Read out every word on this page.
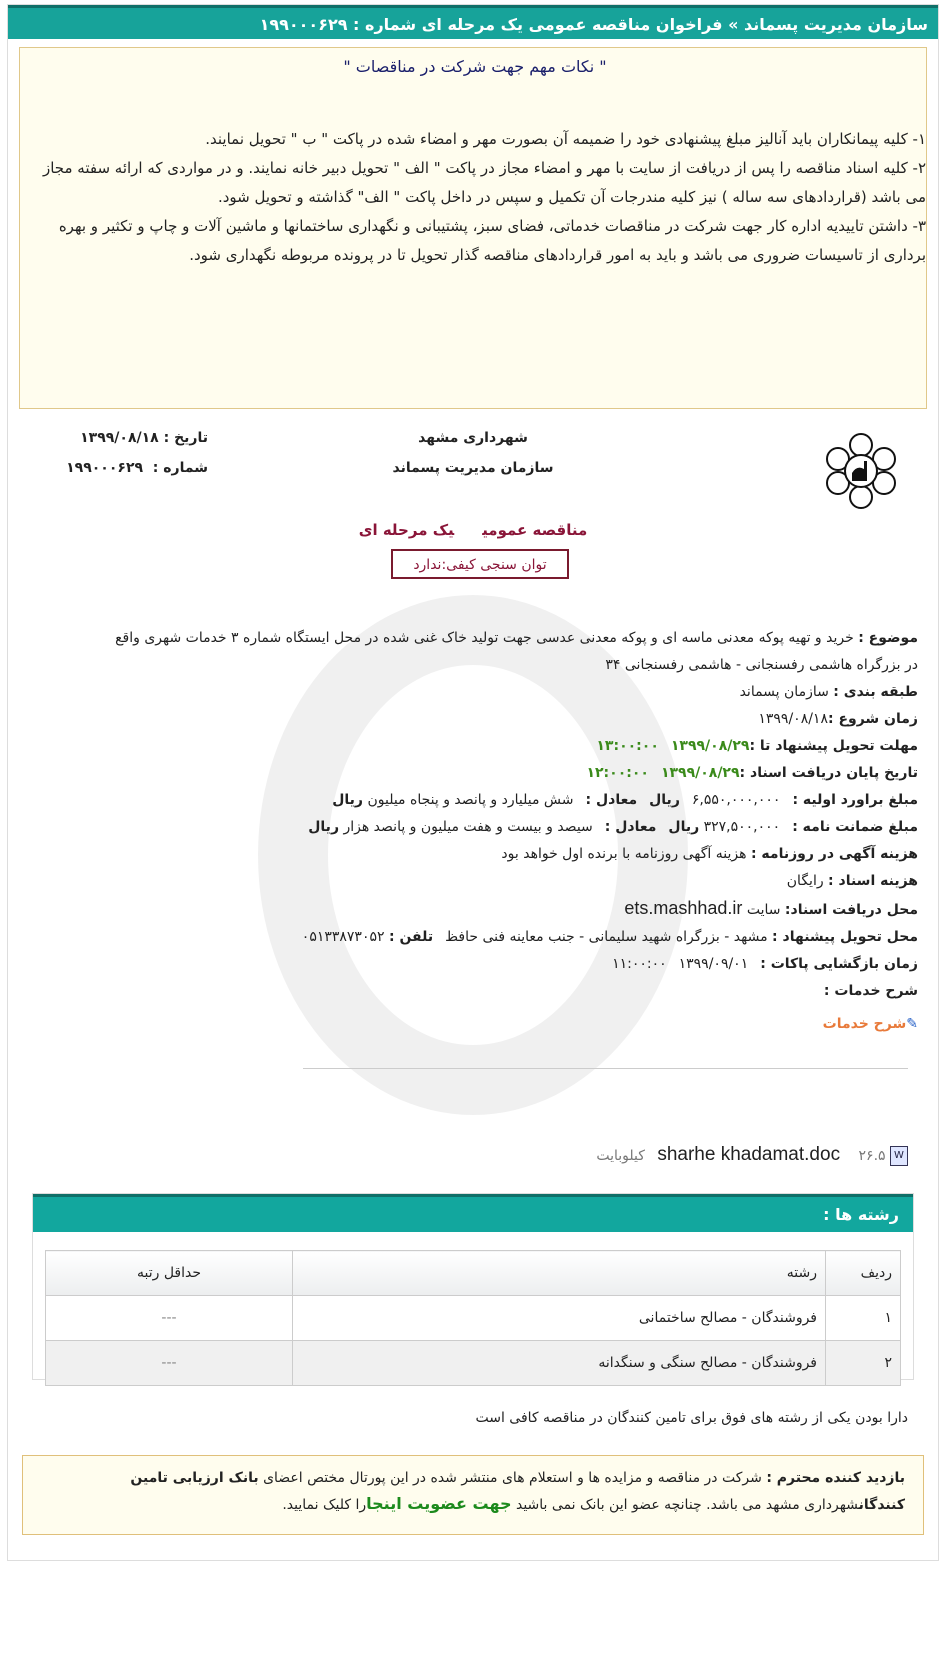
سازمان مدیریت پسماند » فراخوان مناقصه عمومی یک مرحله ای شماره : ۱۹۹۰۰۰۶۲۹
" نکات مهم جهت شرکت در مناقصات "

۱- کلیه پیمانکاران باید آنالیز مبلغ پیشنهادی خود را ضمیمه آن بصورت مهر و امضاء شده در پاکت " ب " تحویل نمایند.

۲- کلیه اسناد مناقصه را پس از دریافت از سایت با مهر و امضاء مجاز در پاکت " الف " تحویل دبیر خانه نمایند. و در مواردی که ارائه سفته مجاز می باشد (قراردادهای سه ساله ) نیز کلیه مندرجات آن تکمیل و سپس در داخل پاکت " الف" گذاشته و تحویل شود.

۳- داشتن تاییدیه اداره کار جهت شرکت در مناقصات خدماتی، فضای سبز، پشتیبانی و نگهداری ساختمانها و ماشین آلات و چاپ و تکثیر و بهره برداری از تاسیسات ضروری می باشد و باید به امور قراردادهای مناقصه گذار تحویل تا در پرونده مربوطه نگهداری شود.

شهرداری مشهد
سازمان مدیریت پسماند
تاریخ : ۱۳۹۹/۰۸/۱۸
شماره :  ۱۹۹۰۰۰۶۲۹
مناقصه عمومییک مرحله ای
توان سنجی کیفی:ندارد
موضوع : خرید و تهیه پوکه معدنی ماسه ای و پوکه معدنی عدسی جهت تولید خاک غنی شده در محل ایستگاه شماره ۳ خدمات شهری واقع
در بزرگراه هاشمی رفسنجانی - هاشمی رفسنجانی ۳۴
طبقه بندی : سازمان پسماند
زمان شروع :۱۳۹۹/۰۸/۱۸
مهلت تحویل پیشنهاد تا :۱۳۹۹/۰۸/۲۹۱۳:۰۰:۰۰
تاریخ پایان دریافت اسناد :۱۳۹۹/۰۸/۲۹۱۲:۰۰:۰۰
مبلغ براورد اولیه :۶,۵۵۰,۰۰۰,۰۰۰ریالمعادل :شش میلیارد و پانصد و پنجاه میلیون ریال
مبلغ ضمانت نامه :۳۲۷,۵۰۰,۰۰۰ ریالمعادل :سیصد و بیست و هفت میلیون و پانصد هزار ریال
هزینه آگهی در روزنامه : هزینه آگهی روزنامه با برنده اول خواهد بود
هزینه اسناد : رایگان
محل دریافت اسناد: سایت ets.mashhad.ir
محل تحویل پیشنهاد : مشهد - بزرگراه شهید سلیمانی - جنب معاینه فنی حافظتلفن : ۰۵۱۳۳۸۷۳۰۵۲
زمان بازگشایی پاکات :۱۳۹۹/۰۹/۰۱۱۱:۰۰:۰۰
شرح خدمات :
✎شرح خدمات
W sharhe khadamat.doc ۲۶.۵ کیلوبایت
رشته ها :
ردیف	رشته	حداقل رتبه
۱	فروشندگان - مصالح ساختمانی	---
۲	فروشندگان - مصالح سنگی و سنگدانه	---
دارا بودن یکی از رشته های فوق برای تامین کنندگان در مناقصه کافی است
بازدید کننده محترم : شرکت در مناقصه و مزایده ها و استعلام های منتشر شده در این پورتال مختص اعضای بانک ارزیابی تامین کنندگانشهرداری مشهد می باشد. چنانچه عضو این بانک نمی باشید جهت عضویت اینجارا کلیک نمایید.
